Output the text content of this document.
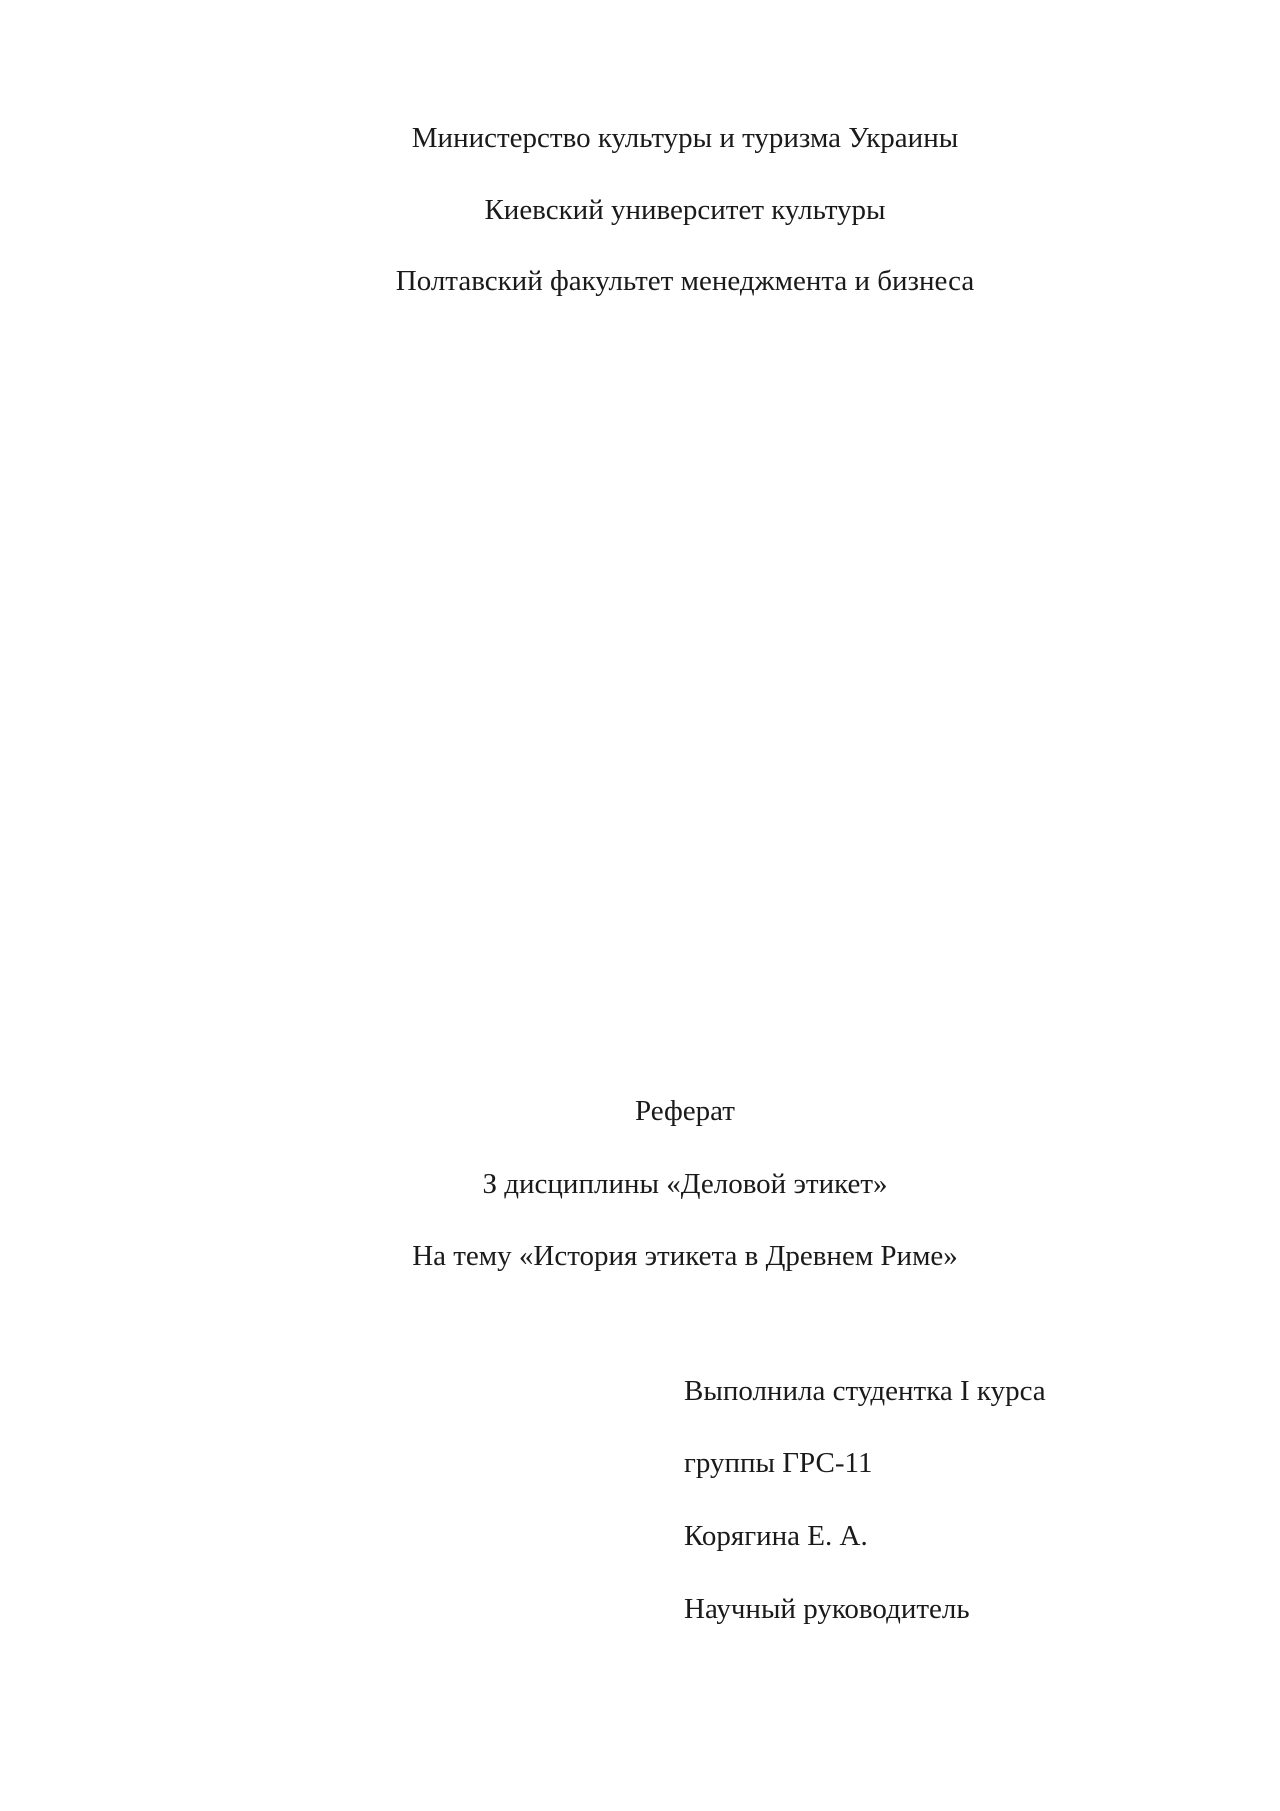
Министерство культуры и туризма Украины
Киевский университет культуры
Полтавский факультет менеджмента и бизнеса
Реферат
З дисциплины «Деловой этикет»
На тему «История этикета в Древнем Риме»
Выполнила студентка I курса
группы ГРС-11
Корягина Е. А.
Научный руководитель
